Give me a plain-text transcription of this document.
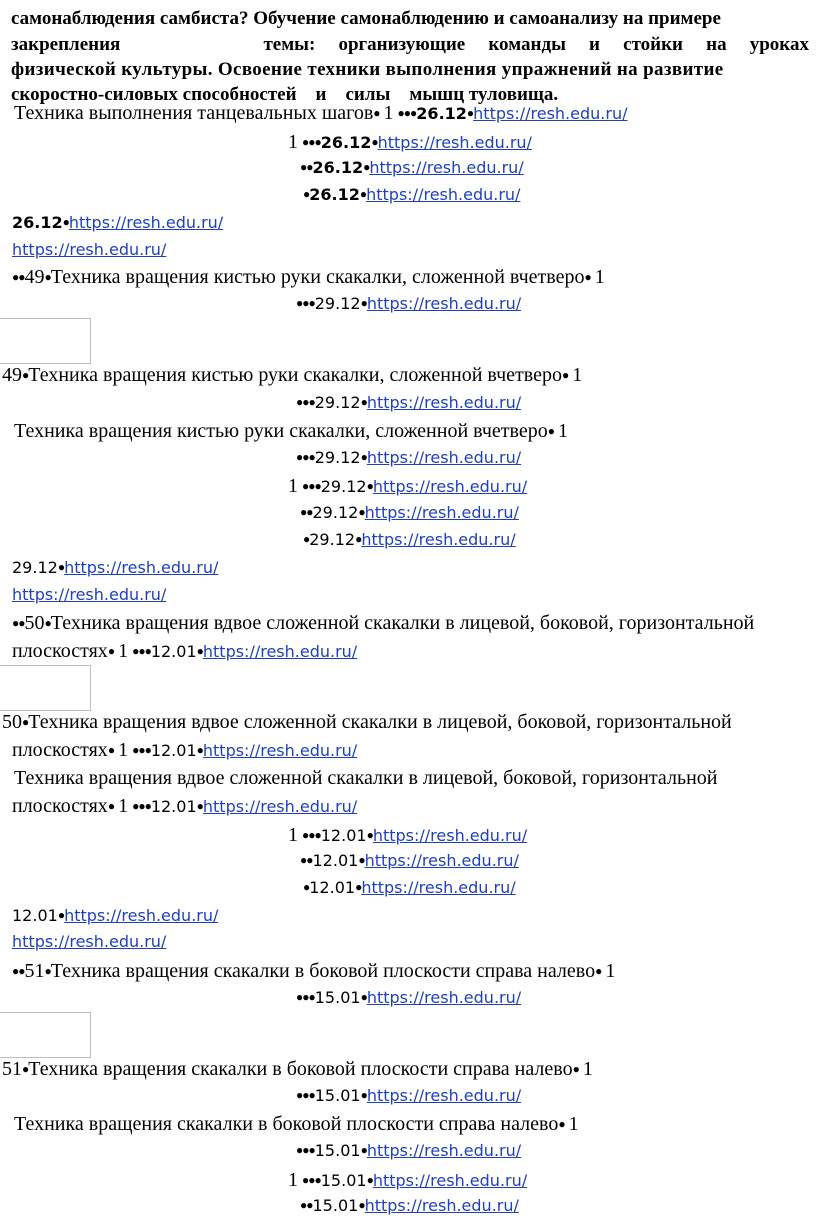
самонаблюдения самбиста? Обучение самонаблюдению и самоанализу на примере
закрепления	темы: организующие команды и стойки на уроках
физической культуры. Освоение техники выполнения упражнений на развитие
скоростно-силовых способностей    и    силы    мышц туловища.
Техника выполнения танцевальных шагов● 1 ●●●26.12●https://resh.edu.ru/
1 ●●●26.12●https://resh.edu.ru/
●●26.12●https://resh.edu.ru/
●26.12●https://resh.edu.ru/
26.12●https://resh.edu.ru/
https://resh.edu.ru/
●●49●Техника вращения кистью руки скакалки, сложенной вчетверо● 1
●●●29.12●https://resh.edu.ru/
49●Техника вращения кистью руки скакалки, сложенной вчетверо● 1
●●●29.12●https://resh.edu.ru/
Техника вращения кистью руки скакалки, сложенной вчетверо● 1
●●●29.12●https://resh.edu.ru/
1 ●●●29.12●https://resh.edu.ru/
●●29.12●https://resh.edu.ru/
●29.12●https://resh.edu.ru/
29.12●https://resh.edu.ru/
https://resh.edu.ru/
●●50●Техника вращения вдвое сложенной скакалки в лицевой, боковой, горизонтальной
плоскостях● 1 ●●●12.01●https://resh.edu.ru/
50●Техника вращения вдвое сложенной скакалки в лицевой, боковой, горизонтальной
плоскостях● 1 ●●●12.01●https://resh.edu.ru/
Техника вращения вдвое сложенной скакалки в лицевой, боковой, горизонтальной
плоскостях● 1 ●●●12.01●https://resh.edu.ru/
1 ●●●12.01●https://resh.edu.ru/
●●12.01●https://resh.edu.ru/
●12.01●https://resh.edu.ru/
12.01●https://resh.edu.ru/
https://resh.edu.ru/
●●51●Техника вращения скакалки в боковой плоскости справа налево● 1
●●●15.01●https://resh.edu.ru/
51●Техника вращения скакалки в боковой плоскости справа налево● 1
●●●15.01●https://resh.edu.ru/
Техника вращения скакалки в боковой плоскости справа налево● 1
●●●15.01●https://resh.edu.ru/
1 ●●●15.01●https://resh.edu.ru/
●●15.01●https://resh.edu.ru/
